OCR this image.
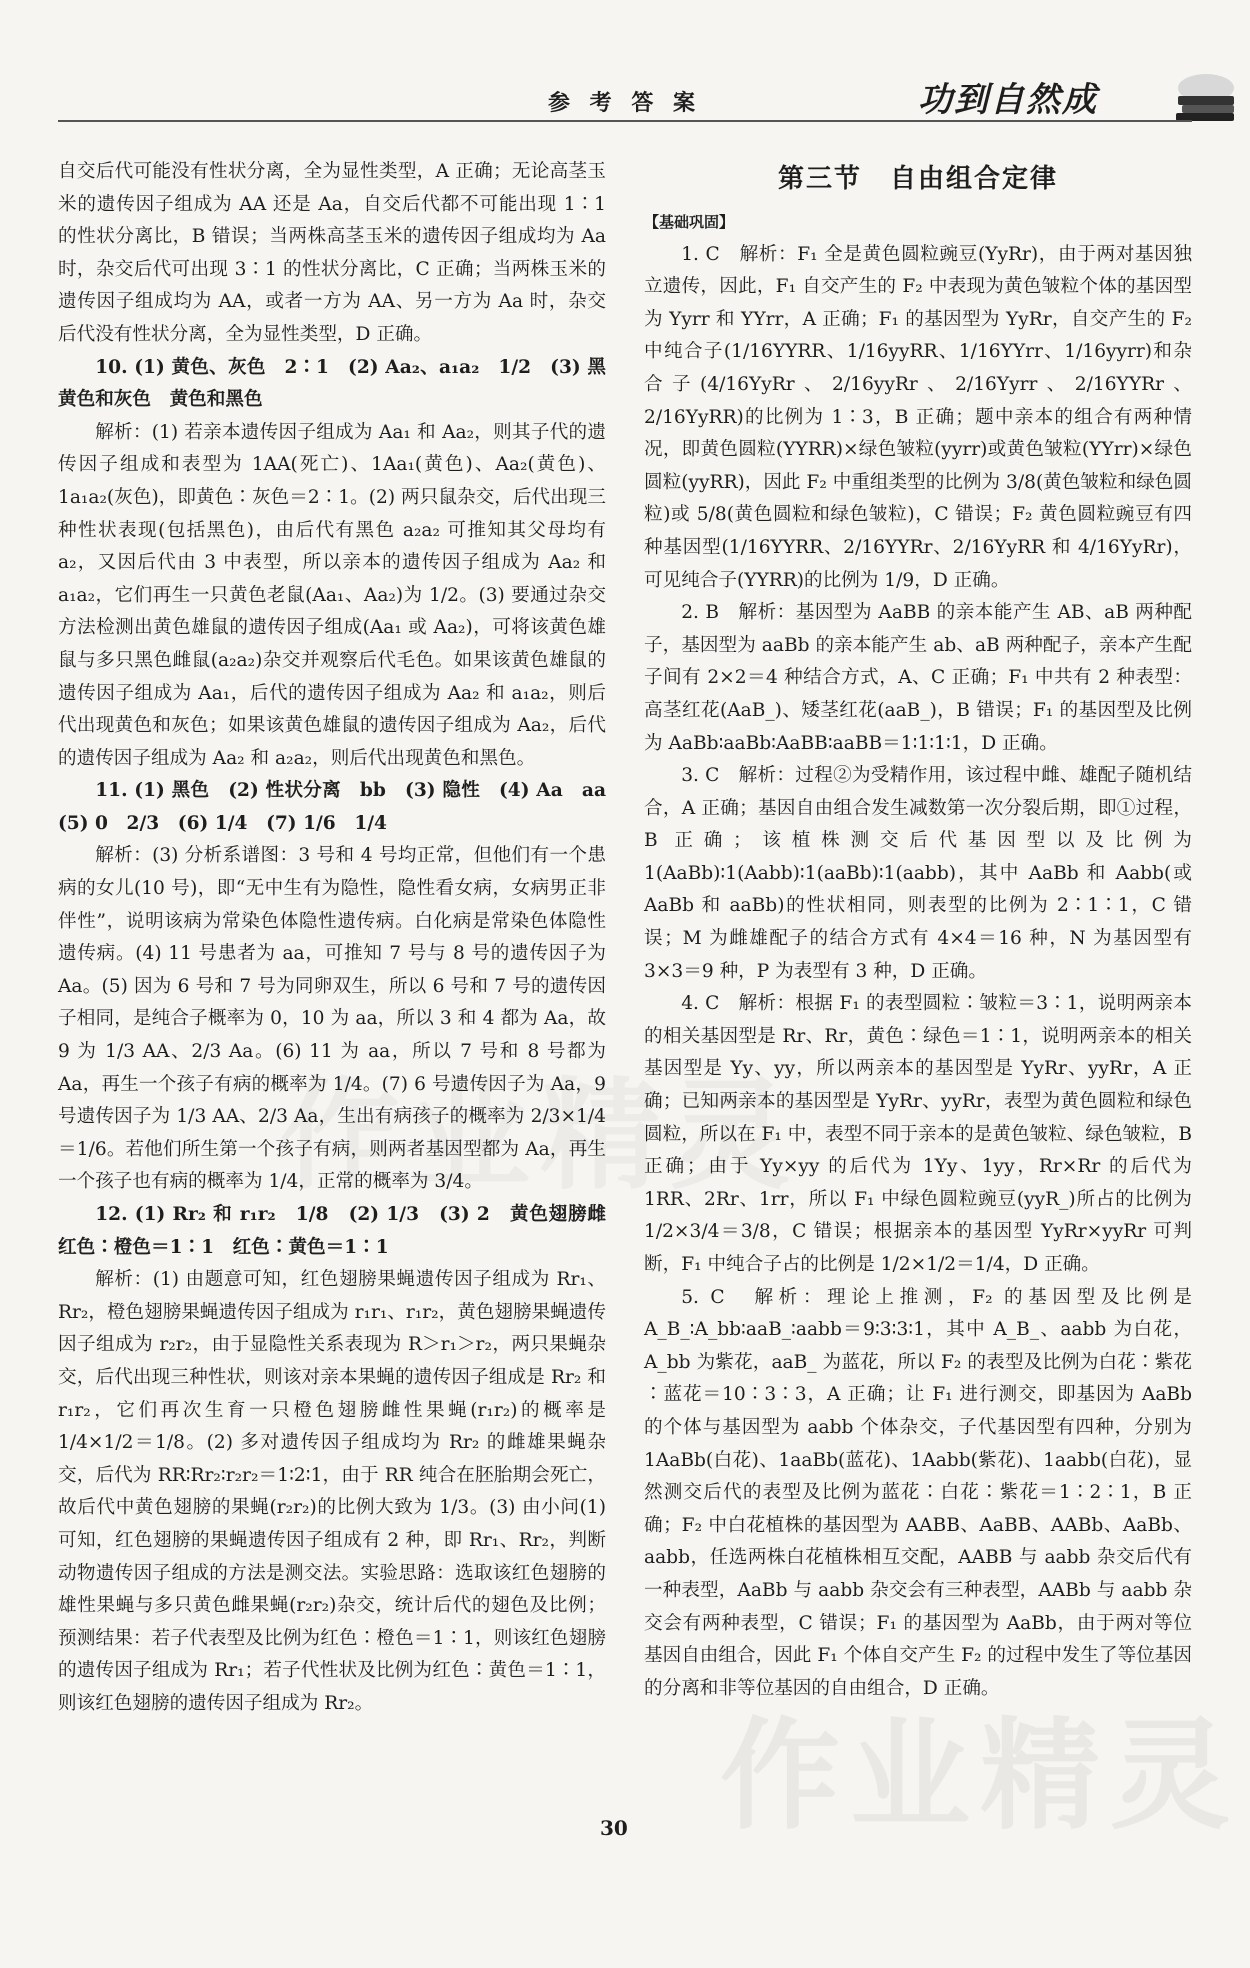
参 考 答 案	功到自然成

自交后代可能没有性状分离，全为显性类型，A 正确；无论高茎玉米的遗传因子组成为 AA 还是 Aa，自交后代都不可能出现 1∶1 的性状分离比，B 错误；当两株高茎玉米的遗传因子组成均为 Aa 时，杂交后代可出现 3∶1 的性状分离比，C 正确；当两株玉米的遗传因子组成均为 AA，或者一方为 AA、另一方为 Aa 时，杂交后代没有性状分离，全为显性类型，D 正确。

10. (1) 黄色、灰色　2∶1　(2) Aa₂、a₁a₂　1/2　(3) 黑　黄色和灰色　黄色和黑色

解析：(1) 若亲本遗传因子组成为 Aa₁ 和 Aa₂，则其子代的遗传因子组成和表型为 1AA(死亡)、1Aa₁(黄色)、Aa₂(黄色)、1a₁a₂(灰色)，即黄色∶灰色＝2∶1。(2) 两只鼠杂交，后代出现三种性状表现(包括黑色)，由后代有黑色 a₂a₂ 可推知其父母均有 a₂，又因后代由 3 中表型，所以亲本的遗传因子组成为 Aa₂ 和 a₁a₂，它们再生一只黄色老鼠(Aa₁、Aa₂)为 1/2。(3) 要通过杂交方法检测出黄色雄鼠的遗传因子组成(Aa₁ 或 Aa₂)，可将该黄色雄鼠与多只黑色雌鼠(a₂a₂)杂交并观察后代毛色。如果该黄色雄鼠的遗传因子组成为 Aa₁，后代的遗传因子组成为 Aa₂ 和 a₁a₂，则后代出现黄色和灰色；如果该黄色雄鼠的遗传因子组成为 Aa₂，后代的遗传因子组成为 Aa₂ 和 a₂a₂，则后代出现黄色和黑色。

11. (1) 黑色　(2) 性状分离　bb　(3) 隐性　(4) Aa　aa　(5) 0　2/3　(6) 1/4　(7) 1/6　1/4

解析：(3) 分析系谱图：3 号和 4 号均正常，但他们有一个患病的女儿(10 号)，即“无中生有为隐性，隐性看女病，女病男正非伴性”，说明该病为常染色体隐性遗传病。白化病是常染色体隐性遗传病。(4) 11 号患者为 aa，可推知 7 号与 8 号的遗传因子为 Aa。(5) 因为 6 号和 7 号为同卵双生，所以 6 号和 7 号的遗传因子相同，是纯合子概率为 0，10 为 aa，所以 3 和 4 都为 Aa，故 9 为 1/3 AA、2/3 Aa。(6) 11 为 aa，所以 7 号和 8 号都为 Aa，再生一个孩子有病的概率为 1/4。(7) 6 号遗传因子为 Aa，9 号遗传因子为 1/3 AA、2/3 Aa，生出有病孩子的概率为 2/3×1/4＝1/6。若他们所生第一个孩子有病，则两者基因型都为 Aa，再生一个孩子也有病的概率为 1/4，正常的概率为 3/4。

12. (1) Rr₂ 和 r₁r₂　1/8　(2) 1/3　(3) 2　黄色翅膀雌　红色∶橙色＝1∶1　红色∶黄色＝1∶1

解析：(1) 由题意可知，红色翅膀果蝇遗传因子组成为 Rr₁、Rr₂，橙色翅膀果蝇遗传因子组成为 r₁r₁、r₁r₂，黄色翅膀果蝇遗传因子组成为 r₂r₂，由于显隐性关系表现为 R＞r₁＞r₂，两只果蝇杂交，后代出现三种性状，则该对亲本果蝇的遗传因子组成是 Rr₂ 和 r₁r₂，它们再次生育一只橙色翅膀雌性果蝇(r₁r₂)的概率是 1/4×1/2＝1/8。(2) 多对遗传因子组成均为 Rr₂ 的雌雄果蝇杂交，后代为 RR∶Rr₂∶r₂r₂＝1∶2∶1，由于 RR 纯合在胚胎期会死亡，故后代中黄色翅膀的果蝇(r₂r₂)的比例大致为 1/3。(3) 由小问(1) 可知，红色翅膀的果蝇遗传因子组成有 2 种，即 Rr₁、Rr₂，判断动物遗传因子组成的方法是测交法。实验思路：选取该红色翅膀的雄性果蝇与多只黄色雌果蝇(r₂r₂)杂交，统计后代的翅色及比例；预测结果：若子代表型及比例为红色∶橙色＝1∶1，则该红色翅膀的遗传因子组成为 Rr₁；若子代性状及比例为红色∶黄色＝1∶1，则该红色翅膀的遗传因子组成为 Rr₂。

第三节　自由组合定律

【基础巩固】

1. C　解析：F₁ 全是黄色圆粒豌豆(YyRr)，由于两对基因独立遗传，因此，F₁ 自交产生的 F₂ 中表现为黄色皱粒个体的基因型为 Yyrr 和 YYrr，A 正确；F₁ 的基因型为 YyRr，自交产生的 F₂ 中纯合子(1/16YYRR、1/16yyRR、1/16YYrr、1/16yyrr)和杂合子(4/16YyRr、2/16yyRr、2/16Yyrr、2/16YYRr、2/16YyRR)的比例为 1∶3，B 正确；题中亲本的组合有两种情况，即黄色圆粒(YYRR)×绿色皱粒(yyrr)或黄色皱粒(YYrr)×绿色圆粒(yyRR)，因此 F₂ 中重组类型的比例为 3/8(黄色皱粒和绿色圆粒)或 5/8(黄色圆粒和绿色皱粒)，C 错误；F₂ 黄色圆粒豌豆有四种基因型(1/16YYRR、2/16YYRr、2/16YyRR 和 4/16YyRr)，可见纯合子(YYRR)的比例为 1/9，D 正确。

2. B　解析：基因型为 AaBB 的亲本能产生 AB、aB 两种配子，基因型为 aaBb 的亲本能产生 ab、aB 两种配子，亲本产生配子间有 2×2＝4 种结合方式，A、C 正确；F₁ 中共有 2 种表型：高茎红花(AaB_)、矮茎红花(aaB_)，B 错误；F₁ 的基因型及比例为 AaBb∶aaBb∶AaBB∶aaBB＝1∶1∶1∶1，D 正确。

3. C　解析：过程②为受精作用，该过程中雌、雄配子随机结合，A 正确；基因自由组合发生减数第一次分裂后期，即①过程，B 正确；该植株测交后代基因型以及比例为 1(AaBb)∶1(Aabb)∶1(aaBb)∶1(aabb)，其中 AaBb 和 Aabb(或 AaBb 和 aaBb)的性状相同，则表型的比例为 2∶1∶1，C 错误；M 为雌雄配子的结合方式有 4×4＝16 种，N 为基因型有 3×3＝9 种，P 为表型有 3 种，D 正确。

4. C　解析：根据 F₁ 的表型圆粒∶皱粒＝3∶1，说明两亲本的相关基因型是 Rr、Rr，黄色∶绿色＝1∶1，说明两亲本的相关基因型是 Yy、yy，所以两亲本的基因型是 YyRr、yyRr，A 正确；已知两亲本的基因型是 YyRr、yyRr，表型为黄色圆粒和绿色圆粒，所以在 F₁ 中，表型不同于亲本的是黄色皱粒、绿色皱粒，B 正确；由于 Yy×yy 的后代为 1Yy、1yy，Rr×Rr 的后代为 1RR、2Rr、1rr，所以 F₁ 中绿色圆粒豌豆(yyR_)所占的比例为 1/2×3/4＝3/8，C 错误；根据亲本的基因型 YyRr×yyRr 可判断，F₁ 中纯合子占的比例是 1/2×1/2＝1/4，D 正确。

5. C　解析：理论上推测，F₂ 的基因型及比例是 A_B_∶A_bb∶aaB_∶aabb＝9∶3∶3∶1，其中 A_B_、aabb 为白花，A_bb 为紫花，aaB_ 为蓝花，所以 F₂ 的表型及比例为白花∶紫花∶蓝花＝10∶3∶3，A 正确；让 F₁ 进行测交，即基因为 AaBb 的个体与基因型为 aabb 个体杂交，子代基因型有四种，分别为 1AaBb(白花)、1aaBb(蓝花)、1Aabb(紫花)、1aabb(白花)，显然测交后代的表型及比例为蓝花∶白花∶紫花＝1∶2∶1，B 正确；F₂ 中白花植株的基因型为 AABB、AaBB、AABb、AaBb、aabb，任选两株白花植株相互交配，AABB 与 aabb 杂交后代有一种表型，AaBb 与 aabb 杂交会有三种表型，AABb 与 aabb 杂交会有两种表型，C 错误；F₁ 的基因型为 AaBb，由于两对等位基因自由组合，因此 F₁ 个体自交产生 F₂ 的过程中发生了等位基因的分离和非等位基因的自由组合，D 正确。

作业精灵
30
